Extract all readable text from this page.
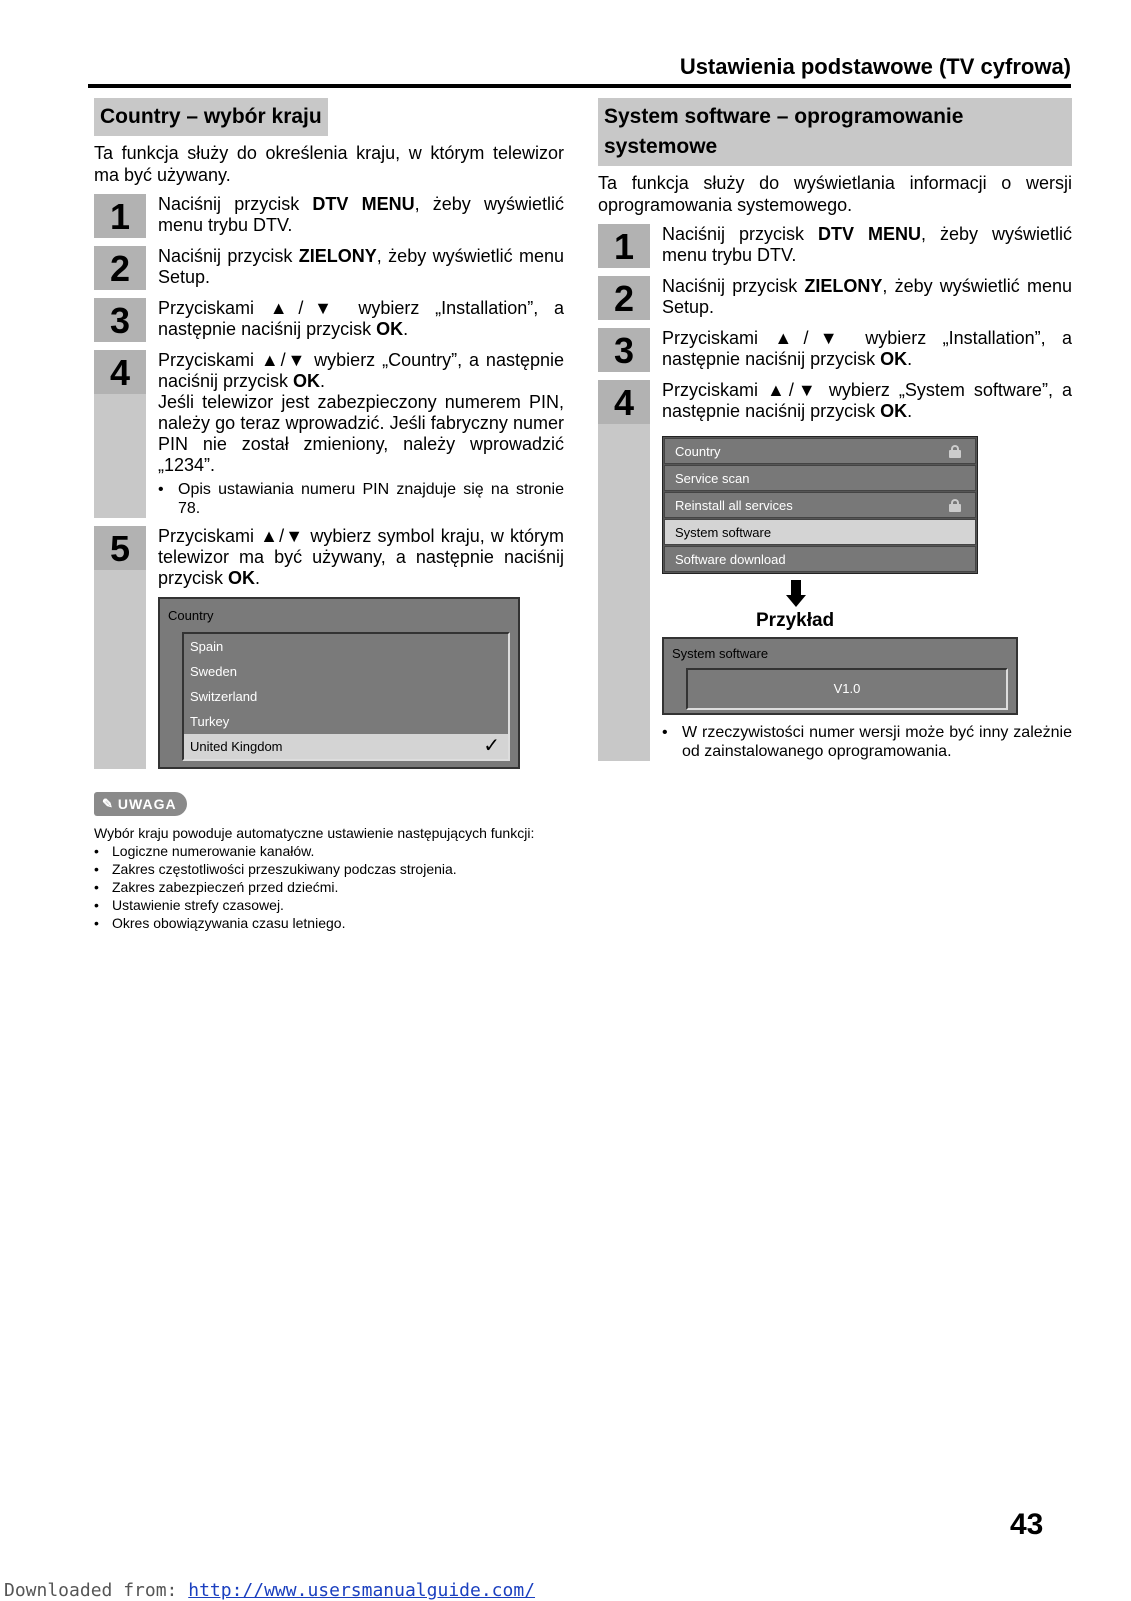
Ustawienia podstawowe (TV cyfrowa)
Country – wybór kraju

Ta funkcja służy do określenia kraju, w którym telewizor ma być używany.

1	Naciśnij przycisk DTV MENU, żeby wyświetlić menu trybu DTV.
2	Naciśnij przycisk ZIELONY, żeby wyświetlić menu Setup.
3	Przyciskami ▲/▼ wybierz „Installation”, a następnie naciśnij przycisk OK.
4	Przyciskami ▲/▼ wybierz „Country”, a następnie naciśnij przycisk OK.
Jeśli telewizor jest zabezpieczony numerem PIN, należy go teraz wprowadzić. Jeśli fabryczny numer PIN nie został zmieniony, należy wprowadzić „1234”.
• Opis ustawiania numeru PIN znajduje się na stronie 78.
5	Przyciskami ▲/▼ wybierz symbol kraju, w którym telewizor ma być używany, a następnie naciśnij przycisk OK.
Country
Spain
Sweden
Switzerland
Turkey
United Kingdom	✓
System software – oprogramowanie systemowe

Ta funkcja służy do wyświetlania informacji o wersji oprogramowania systemowego.

1	Naciśnij przycisk DTV MENU, żeby wyświetlić menu trybu DTV.
2	Naciśnij przycisk ZIELONY, żeby wyświetlić menu Setup.
3	Przyciskami ▲/▼ wybierz „Installation”, a następnie naciśnij przycisk OK.
4	Przyciskami ▲/▼ wybierz „System software”, a następnie naciśnij przycisk OK.
Country
Service scan
Reinstall all services
System software
Software download
Przykład
System software
V1.0
• W rzeczywistości numer wersji może być inny zależnie od zainstalowanego oprogramowania.
✎ UWAGA
Wybór kraju powoduje automatyczne ustawienie następujących funkcji:
• Logiczne numerowanie kanałów.
• Zakres częstotliwości przeszukiwany podczas strojenia.
• Zakres zabezpieczeń przed dziećmi.
• Ustawienie strefy czasowej.
• Okres obowiązywania czasu letniego.
43
Downloaded from: http://www.usersmanualguide.com/
